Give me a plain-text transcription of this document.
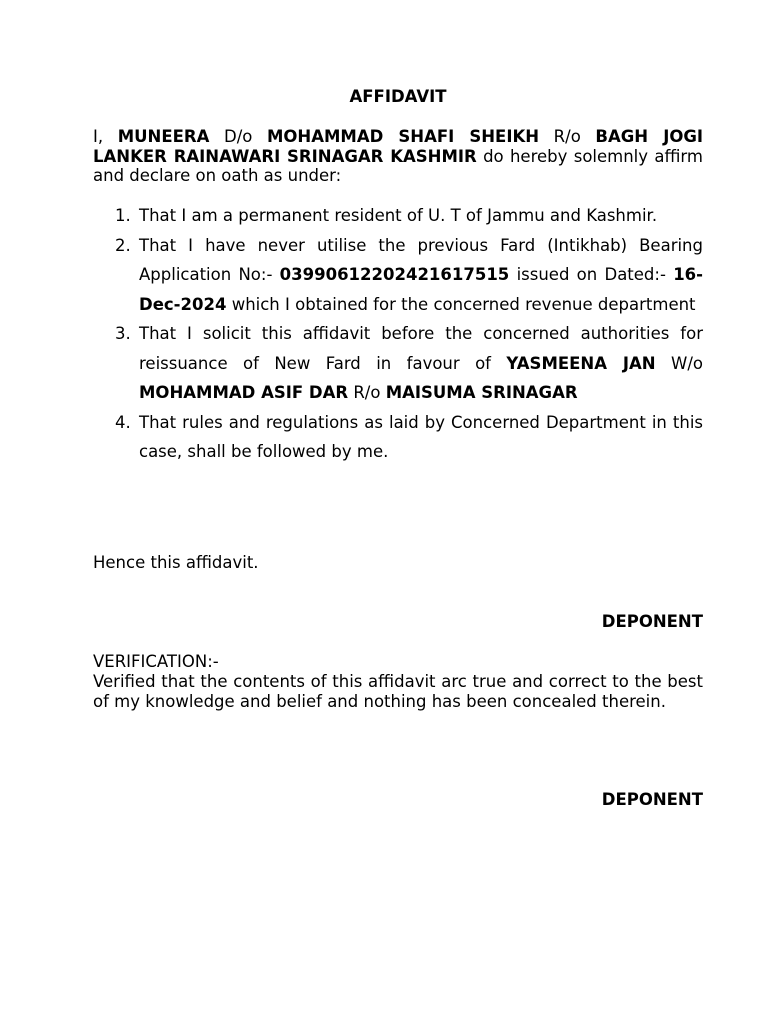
AFFIDAVIT
I, MUNEERA D/o MOHAMMAD SHAFI SHEIKH R/o BAGH JOGI LANKER RAINAWARI SRINAGAR KASHMIR do hereby solemnly affirm and declare on oath as under:
1. That I am a permanent resident of U. T of Jammu and Kashmir.
2. That I have never utilise the previous Fard (Intikhab) Bearing Application No:- 03990612202421617515 issued on Dated:- 16-Dec-2024 which I obtained for the concerned revenue department
3. That I solicit this affidavit before the concerned authorities for reissuance of New Fard in favour of YASMEENA JAN W/o MOHAMMAD ASIF DAR R/o MAISUMA SRINAGAR
4. That rules and regulations as laid by Concerned Department in this case, shall be followed by me.
Hence this affidavit.
DEPONENT
VERIFICATION:-
Verified that the contents of this affidavit arc true and correct to the best of my knowledge and belief and nothing has been concealed therein.
DEPONENT
